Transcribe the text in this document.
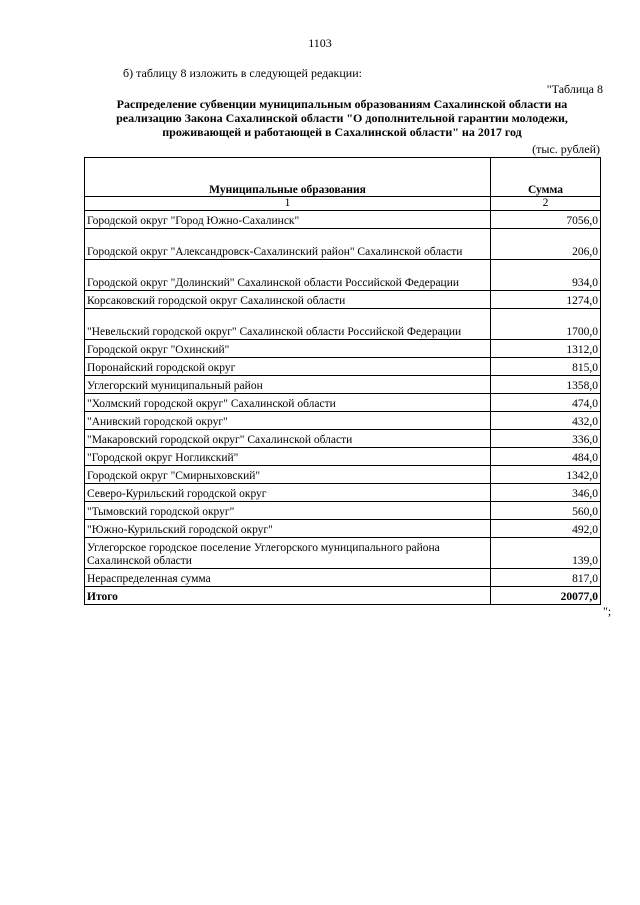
1103
б) таблицу 8 изложить в следующей редакции:
"Таблица 8
Распределение субвенции муниципальным образованиям Сахалинской области на реализацию Закона Сахалинской области "О дополнительной гарантии молодежи, проживающей и работающей в Сахалинской области" на 2017 год
(тыс. рублей)
Муниципальные образования	Сумма
1	2
Городской округ "Город Южно-Сахалинск"	7056,0
Городской округ "Александровск-Сахалинский район" Сахалинской области	206,0
Городской округ "Долинский" Сахалинской области Российской Федерации	934,0
Корсаковский городской округ Сахалинской области	1274,0
"Невельский городской округ" Сахалинской области Российской Федерации	1700,0
Городской округ "Охинский"	1312,0
Поронайский городской округ	815,0
Углегорский муниципальный район	1358,0
"Холмский городской округ" Сахалинской области	474,0
"Анивский городской округ"	432,0
"Макаровский городской округ" Сахалинской области	336,0
"Городской округ Ногликский"	484,0
Городской округ "Смирныховский"	1342,0
Северо-Курильский городской округ	346,0
"Тымовский городской округ"	560,0
"Южно-Курильский городской округ"	492,0
Углегорское городское поселение Углегорского муниципального района Сахалинской области	139,0
Нераспределенная сумма	817,0
Итого	20077,0
";
